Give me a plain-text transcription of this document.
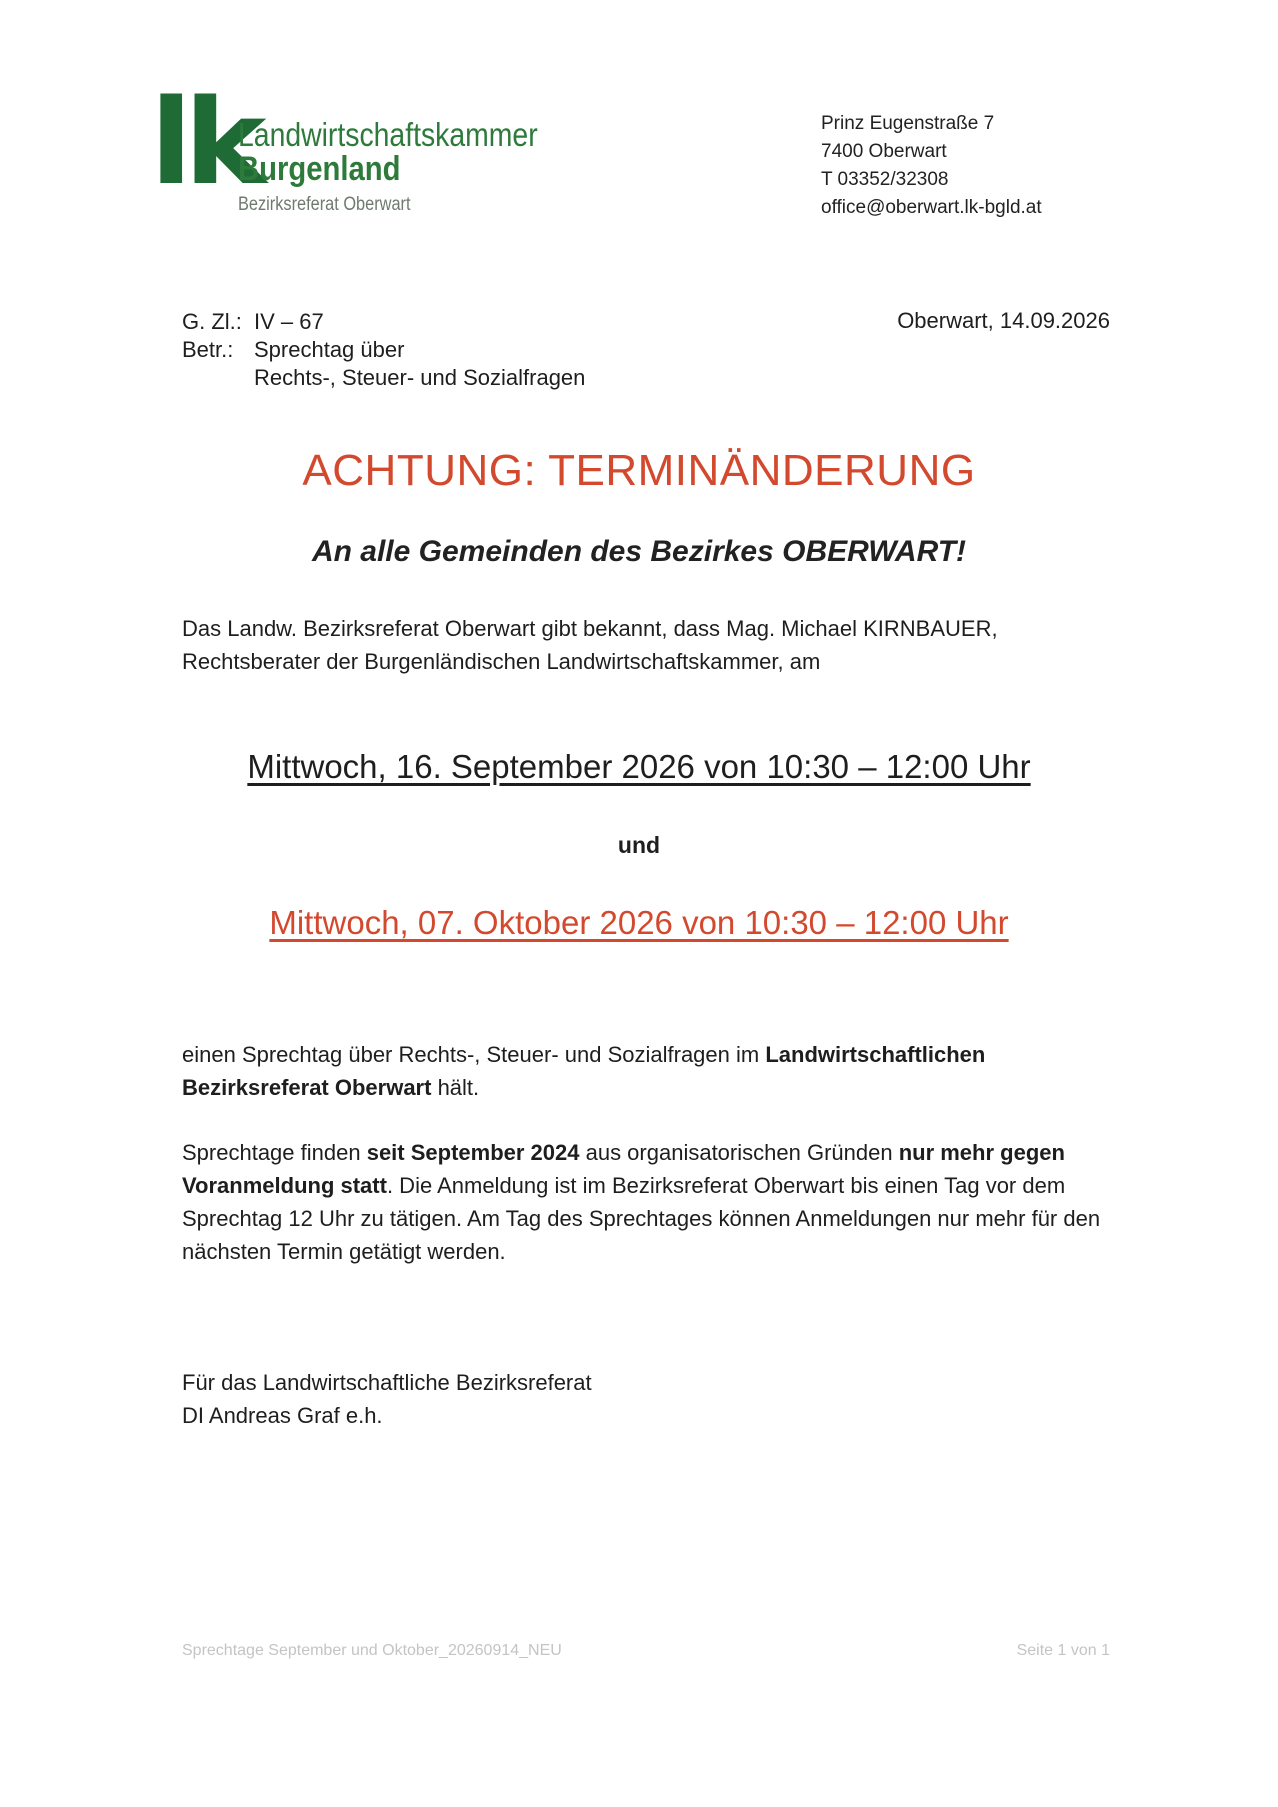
lk
Landwirtschaftskammer
Burgenland
Bezirksreferat Oberwart
Prinz Eugenstraße 7
7400 Oberwart
T 03352/32308
office@oberwart.lk-bgld.at
G. Zl.: IV – 67
Betr.: Sprechtag über
Rechts-, Steuer- und Sozialfragen
Oberwart, 14.09.2026
ACHTUNG: TERMINÄNDERUNG
An alle Gemeinden des Bezirkes OBERWART!
Das Landw. Bezirksreferat Oberwart gibt bekannt, dass Mag. Michael KIRNBAUER,
Rechtsberater der Burgenländischen Landwirtschaftskammer, am
Mittwoch, 16. September 2026 von 10:30 – 12:00 Uhr
und
Mittwoch, 07. Oktober 2026 von 10:30 – 12:00 Uhr
einen Sprechtag über Rechts-, Steuer- und Sozialfragen im Landwirtschaftlichen Bezirksreferat Oberwart hält.
Sprechtage finden seit September 2024 aus organisatorischen Gründen nur mehr gegen Voranmeldung statt. Die Anmeldung ist im Bezirksreferat Oberwart bis einen Tag vor dem Sprechtag 12 Uhr zu tätigen. Am Tag des Sprechtages können Anmeldungen nur mehr für den nächsten Termin getätigt werden.
Für das Landwirtschaftliche Bezirksreferat
DI Andreas Graf e.h.
Sprechtage September und Oktober_20260914_NEU	Seite 1 von 1
